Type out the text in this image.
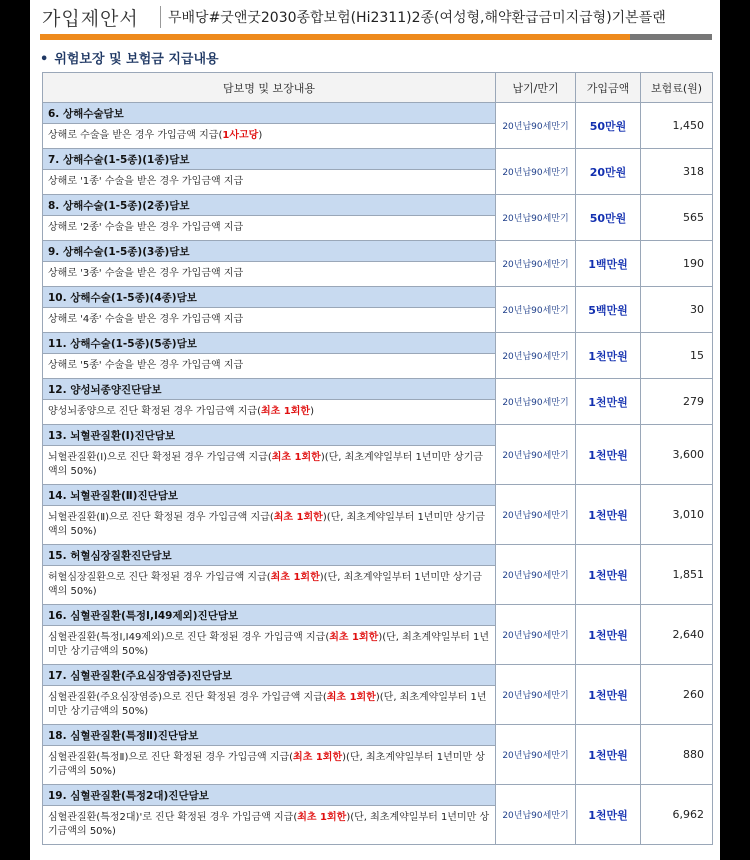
가입제안서 무배당#굿앤굿2030종합보험(Hi2311)2종(여성형,해약환급금미지급형)기본플랜
• 위험보장 및 보험금 지급내용
담보명 및 보장내용	납기/만기	가입금액	보험료(원)
6. 상해수술담보	20년납90세만기	50만원	1,450
상해로 수술을 받은 경우 가입금액 지급(1사고당)			
7. 상해수술(1-5종)(1종)담보	20년납90세만기	20만원	318
상해로 '1종' 수술을 받은 경우 가입금액 지급			
8. 상해수술(1-5종)(2종)담보	20년납90세만기	50만원	565
상해로 '2종' 수술을 받은 경우 가입금액 지급			
9. 상해수술(1-5종)(3종)담보	20년납90세만기	1백만원	190
상해로 '3종' 수술을 받은 경우 가입금액 지급			
10. 상해수술(1-5종)(4종)담보	20년납90세만기	5백만원	30
상해로 '4종' 수술을 받은 경우 가입금액 지급			
11. 상해수술(1-5종)(5종)담보	20년납90세만기	1천만원	15
상해로 '5종' 수술을 받은 경우 가입금액 지급			
12. 양성뇌종양진단담보	20년납90세만기	1천만원	279
양성뇌종양으로 진단 확정된 경우 가입금액 지급(최초 1회한)			
13. 뇌혈관질환(Ⅰ)진단담보	20년납90세만기	1천만원	3,600
뇌혈관질환(Ⅰ)으로 진단 확정된 경우 가입금액 지급(최초 1회한)(단, 최초계약일부터 1년미만 상기금액의 50%)			
14. 뇌혈관질환(Ⅱ)진단담보	20년납90세만기	1천만원	3,010
뇌혈관질환(Ⅱ)으로 진단 확정된 경우 가입금액 지급(최초 1회한)(단, 최초계약일부터 1년미만 상기금액의 50%)			
15. 허혈심장질환진단담보	20년납90세만기	1천만원	1,851
허혈심장질환으로 진단 확정된 경우 가입금액 지급(최초 1회한)(단, 최초계약일부터 1년미만 상기금액의 50%)			
16. 심혈관질환(특정Ⅰ,I49제외)진단담보	20년납90세만기	1천만원	2,640
심혈관질환(특정Ⅰ,I49제외)으로 진단 확정된 경우 가입금액 지급(최초 1회한)(단, 최초계약일부터 1년미만 상기금액의 50%)			
17. 심혈관질환(주요심장염증)진단담보	20년납90세만기	1천만원	260
심혈관질환(주요심장염증)으로 진단 확정된 경우 가입금액 지급(최초 1회한)(단, 최초계약일부터 1년미만 상기금액의 50%)			
18. 심혈관질환(특정Ⅱ)진단담보	20년납90세만기	1천만원	880
심혈관질환(특정Ⅱ)으로 진단 확정된 경우 가입금액 지급(최초 1회한)(단, 최초계약일부터 1년미만 상기금액의 50%)			
19. 심혈관질환(특정2대)진단담보	20년납90세만기	1천만원	6,962
심혈관질환(특정2대)'로 진단 확정된 경우 가입금액 지급(최초 1회한)(단, 최초계약일부터 1년미만 상기금액의 50%)			
